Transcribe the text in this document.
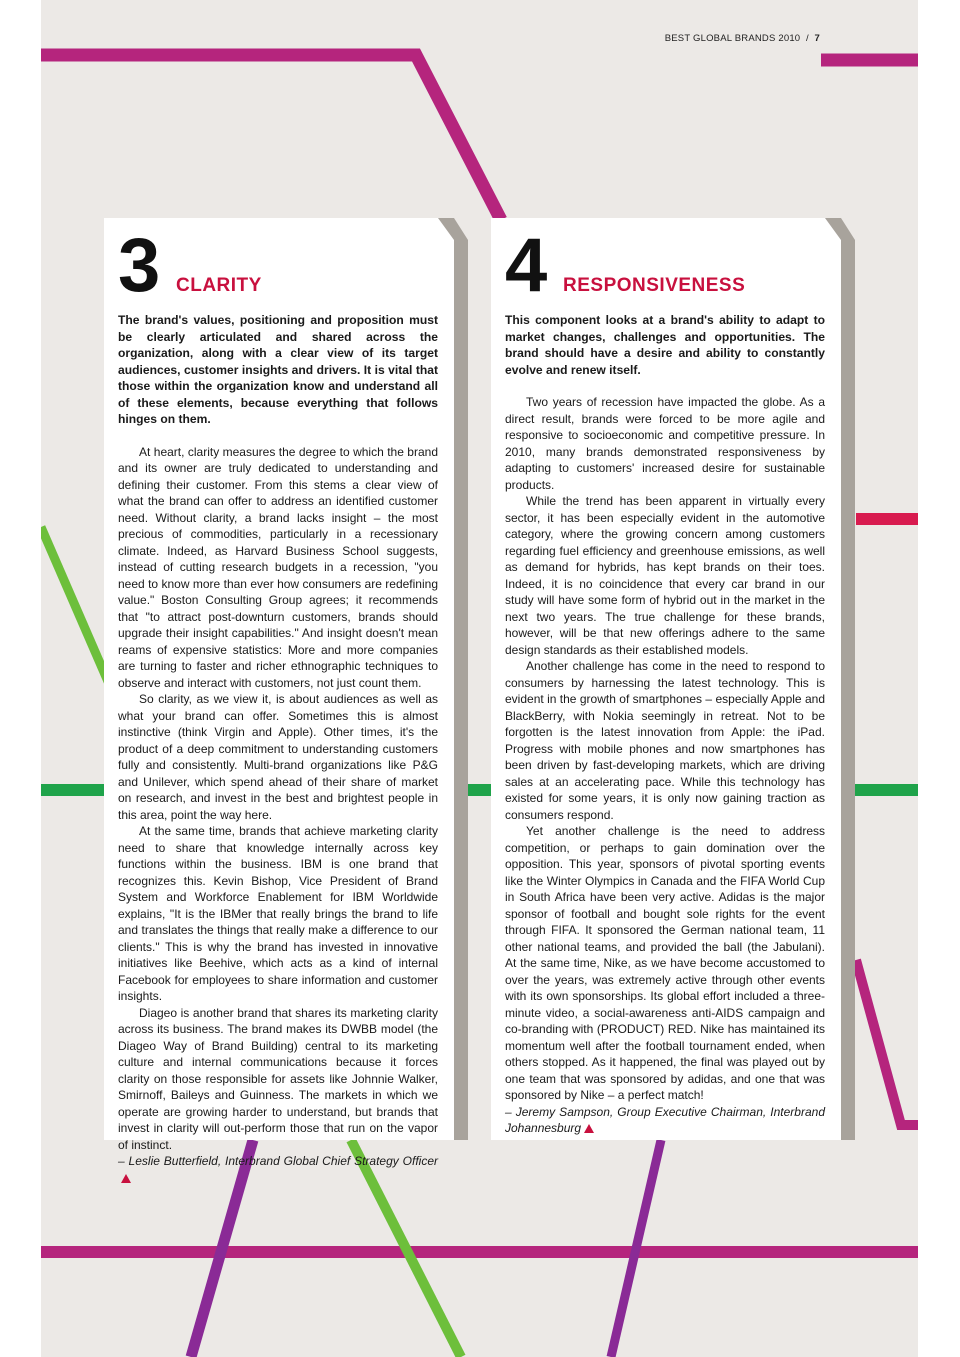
BEST GLOBAL BRANDS 2010 / 7
3 CLARITY

The brand's values, positioning and proposition must be clearly articulated and shared across the organization, along with a clear view of its target audiences, customer insights and drivers. It is vital that those within the organization know and understand all of these elements, because everything that follows hinges on them.

At heart, clarity measures the degree to which the brand and its owner are truly dedicated to understanding and defining their customer. From this stems a clear view of what the brand can offer to address an identified customer need. Without clarity, a brand lacks insight – the most precious of commodities, particularly in a recessionary climate. Indeed, as Harvard Business School suggests, instead of cutting research budgets in a recession, "you need to know more than ever how consumers are redefining value." Boston Consulting Group agrees; it recommends that "to attract post-downturn customers, brands should upgrade their insight capabilities." And insight doesn't mean reams of expensive statistics: More and more companies are turning to faster and richer ethnographic techniques to observe and interact with customers, not just count them.

So clarity, as we view it, is about audiences as well as what your brand can offer. Sometimes this is almost instinctive (think Virgin and Apple). Other times, it's the product of a deep commitment to understanding customers fully and consistently. Multi-brand organizations like P&G and Unilever, which spend ahead of their share of market on research, and invest in the best and brightest people in this area, point the way here.

At the same time, brands that achieve marketing clarity need to share that knowledge internally across key functions within the business. IBM is one brand that recognizes this. Kevin Bishop, Vice President of Brand System and Workforce Enablement for IBM Worldwide explains, "It is the IBMer that really brings the brand to life and translates the things that really make a difference to our clients." This is why the brand has invested in innovative initiatives like Beehive, which acts as a kind of internal Facebook for employees to share information and customer insights.

Diageo is another brand that shares its marketing clarity across its business. The brand makes its DWBB model (the Diageo Way of Brand Building) central to its marketing culture and internal communications because it forces clarity on those responsible for assets like Johnnie Walker, Smirnoff, Baileys and Guinness. The markets in which we operate are growing harder to understand, but brands that invest in clarity will out-perform those that run on the vapor of instinct.

– Leslie Butterfield, Interbrand Global Chief Strategy Officer
4 RESPONSIVENESS

This component looks at a brand's ability to adapt to market changes, challenges and opportunities. The brand should have a desire and ability to constantly evolve and renew itself.

Two years of recession have impacted the globe. As a direct result, brands were forced to be more agile and responsive to socioeconomic and competitive pressure. In 2010, many brands demonstrated responsiveness by adapting to customers' increased desire for sustainable products.

While the trend has been apparent in virtually every sector, it has been especially evident in the automotive category, where the growing concern among customers regarding fuel efficiency and greenhouse emissions, as well as demand for hybrids, has kept brands on their toes. Indeed, it is no coincidence that every car brand in our study will have some form of hybrid out in the market in the next two years. The true challenge for these brands, however, will be that new offerings adhere to the same design standards as their established models.

Another challenge has come in the need to respond to consumers by harnessing the latest technology. This is evident in the growth of smartphones – especially Apple and BlackBerry, with Nokia seemingly in retreat. Not to be forgotten is the latest innovation from Apple: the iPad. Progress with mobile phones and now smartphones has been driven by fast-developing markets, which are driving sales at an accelerating pace. While this technology has existed for some years, it is only now gaining traction as consumers respond.

Yet another challenge is the need to address competition, or perhaps to gain domination over the opposition. This year, sponsors of pivotal sporting events like the Winter Olympics in Canada and the FIFA World Cup in South Africa have been very active. Adidas is the major sponsor of football and bought sole rights for the event through FIFA. It sponsored the German national team, 11 other national teams, and provided the ball (the Jabulani). At the same time, Nike, as we have become accustomed to over the years, was extremely active through other events with its own sponsorships. Its global effort included a three-minute video, a social-awareness anti-AIDS campaign and co-branding with (PRODUCT) RED. Nike has maintained its momentum well after the football tournament ended, when others stopped. As it happened, the final was played out by one team that was sponsored by adidas, and one that was sponsored by Nike – a perfect match!

– Jeremy Sampson, Group Executive Chairman, Interbrand Johannesburg
